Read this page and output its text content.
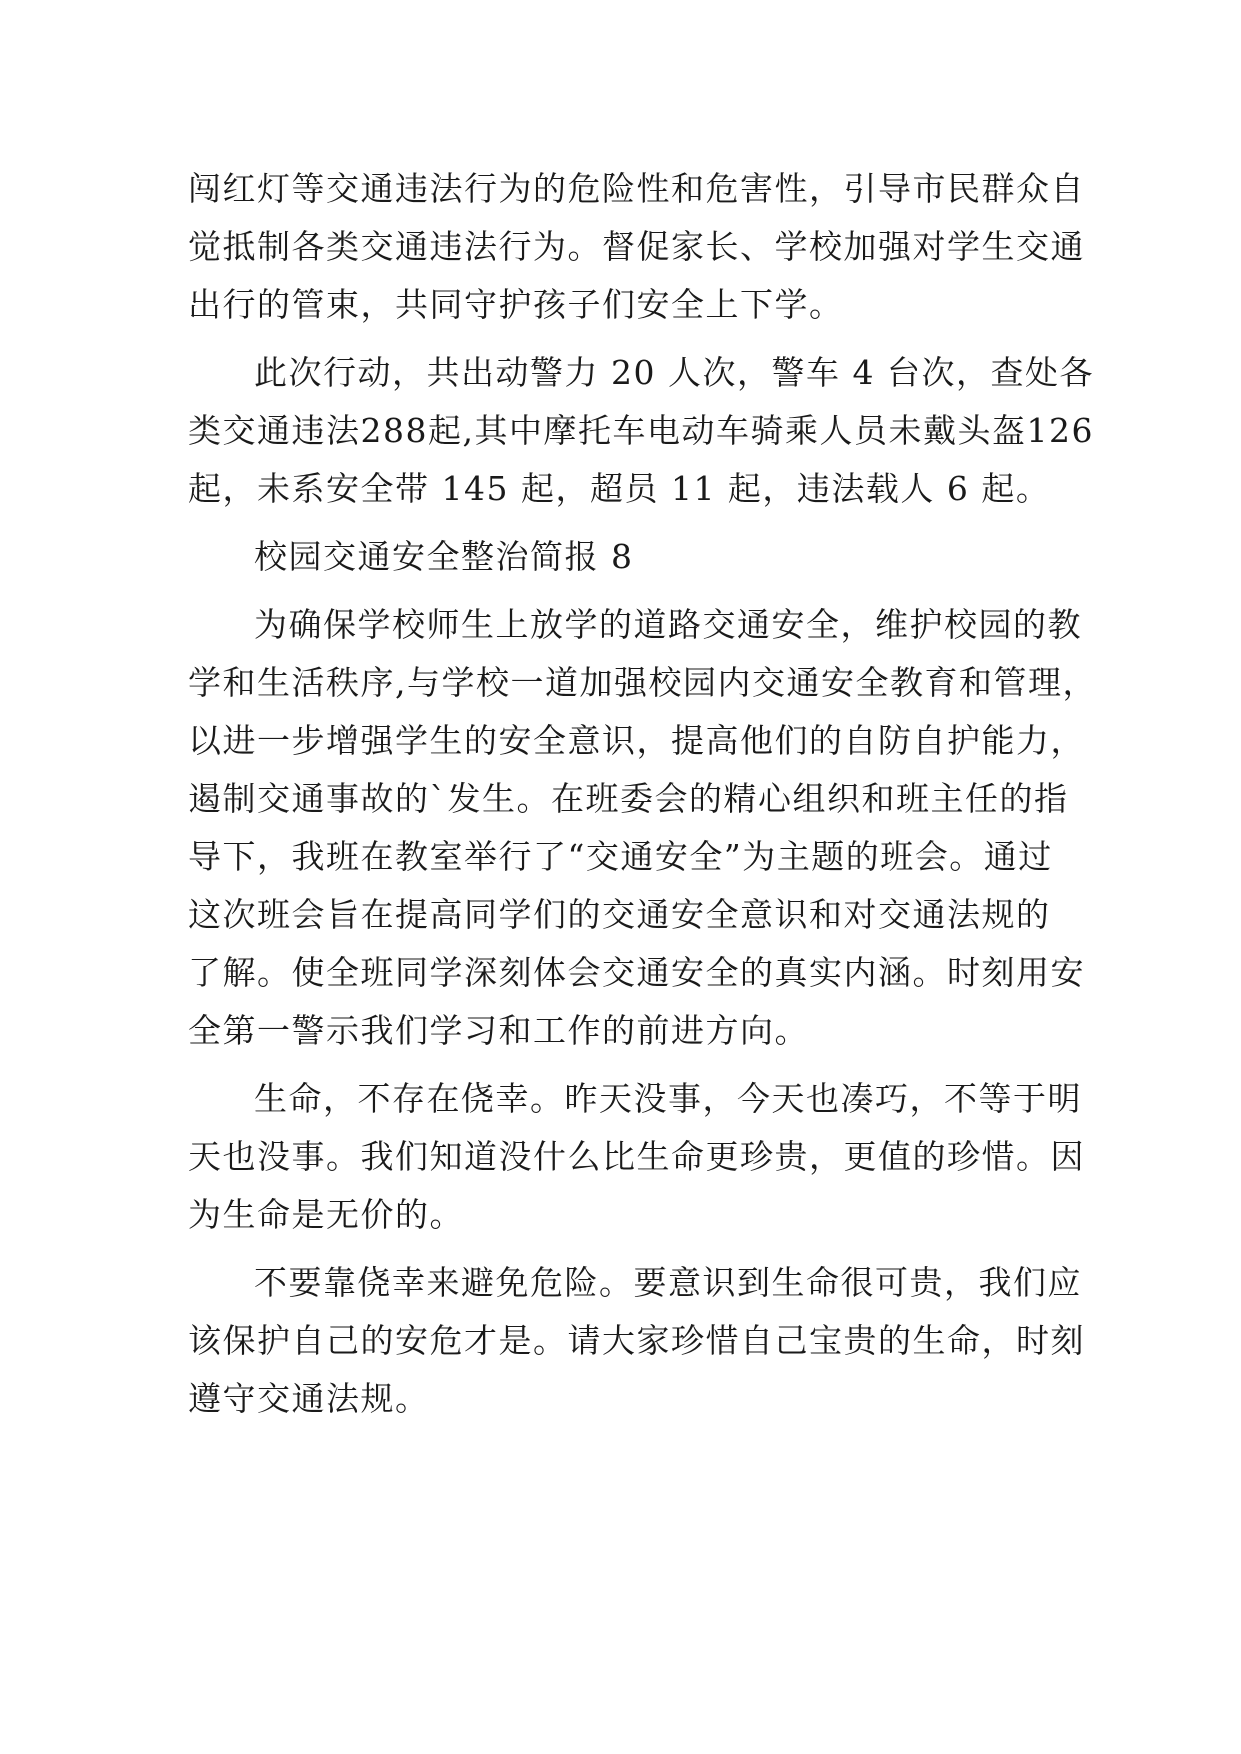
闯红灯等交通违法行为的危险性和危害性，引导市民群众自
觉抵制各类交通违法行为。督促家长、学校加强对学生交通
出行的管束，共同守护孩子们安全上下学。
此次行动，共出动警力 20 人次，警车 4 台次，查处各
类交通违法288起,其中摩托车电动车骑乘人员未戴头盔126
起，未系安全带 145 起，超员 11 起，违法载人 6 起。
校园交通安全整治简报 8
为确保学校师生上放学的道路交通安全，维护校园的教
学和生活秩序,与学校一道加强校园内交通安全教育和管理，
以进一步增强学生的安全意识，提高他们的自防自护能力，
遏制交通事故的`发生。在班委会的精心组织和班主任的指
导下，我班在教室举行了“交通安全”为主题的班会。通过
这次班会旨在提高同学们的交通安全意识和对交通法规的
了解。使全班同学深刻体会交通安全的真实内涵。时刻用安
全第一警示我们学习和工作的前进方向。
生命，不存在侥幸。昨天没事，今天也凑巧，不等于明
天也没事。我们知道没什么比生命更珍贵，更值的珍惜。因
为生命是无价的。
不要靠侥幸来避免危险。要意识到生命很可贵，我们应
该保护自己的安危才是。请大家珍惜自己宝贵的生命，时刻
遵守交通法规。
